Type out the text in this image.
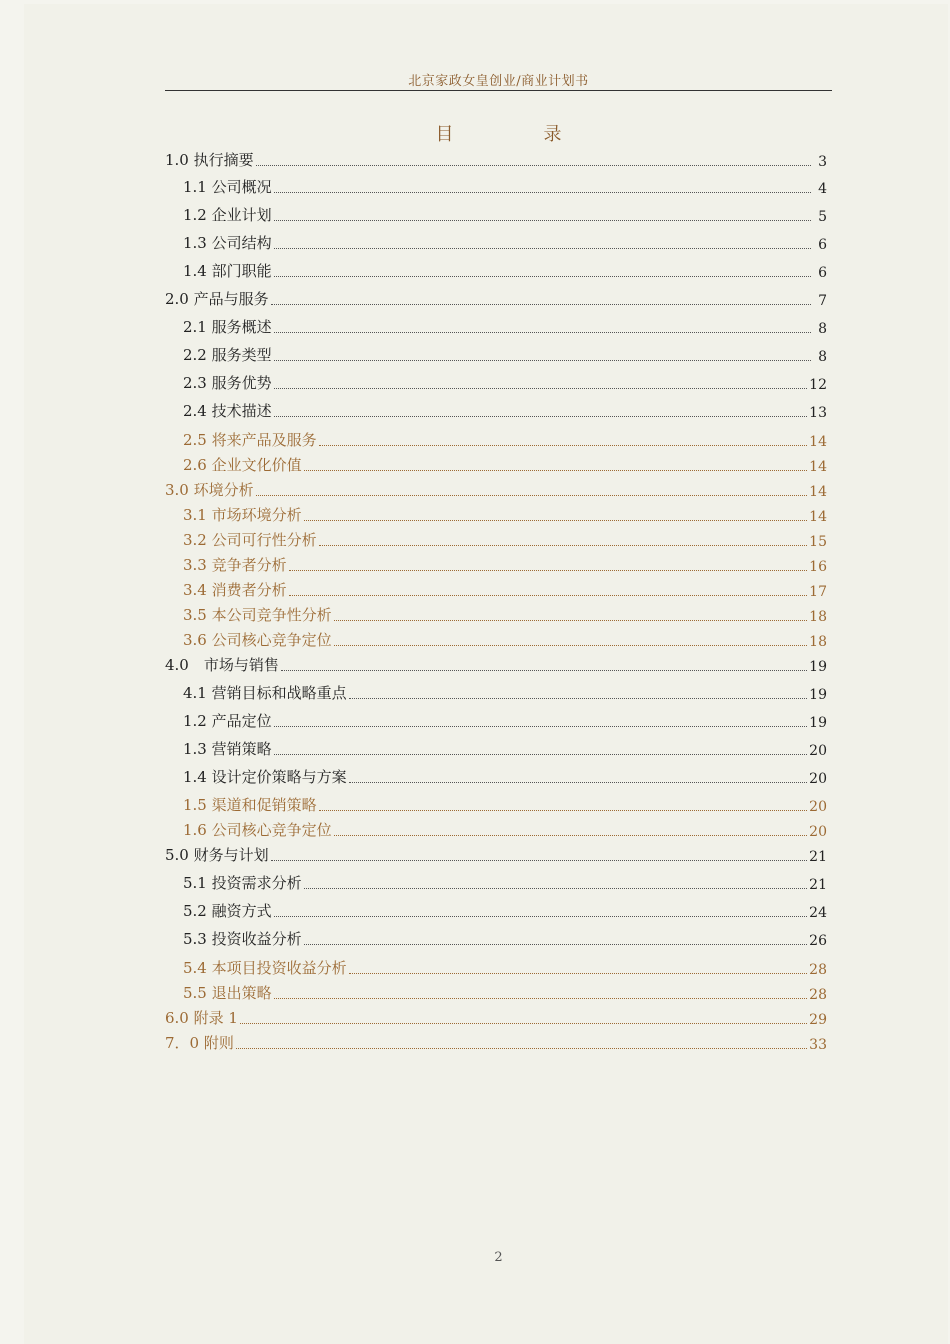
北京家政女皇创业/商业计划书
目　录
1.0 执行摘要	3
1.1 公司概况	4
1.2 企业计划	5
1.3 公司结构	6
1.4 部门职能	6
2.0 产品与服务	7
2.1 服务概述	8
2.2 服务类型	8
2.3 服务优势	12
2.4 技术描述	13
2.5 将来产品及服务	14
2.6 企业文化价值	14
3.0 环境分析	14
3.1 市场环境分析	14
3.2 公司可行性分析	15
3.3 竞争者分析	16
3.4 消费者分析	17
3.5 本公司竞争性分析	18
3.6 公司核心竞争定位	18
4.0　市场与销售	19
4.1 营销目标和战略重点	19
1.2 产品定位	19
1.3 营销策略	20
1.4 设计定价策略与方案	20
1.5 渠道和促销策略	20
1.6 公司核心竞争定位	20
5.0 财务与计划	21
5.1 投资需求分析	21
5.2 融资方式	24
5.3 投资收益分析	26
5.4 本项目投资收益分析	28
5.5 退出策略	28
6.0 附录 1	29
7．0 附则	33
2
